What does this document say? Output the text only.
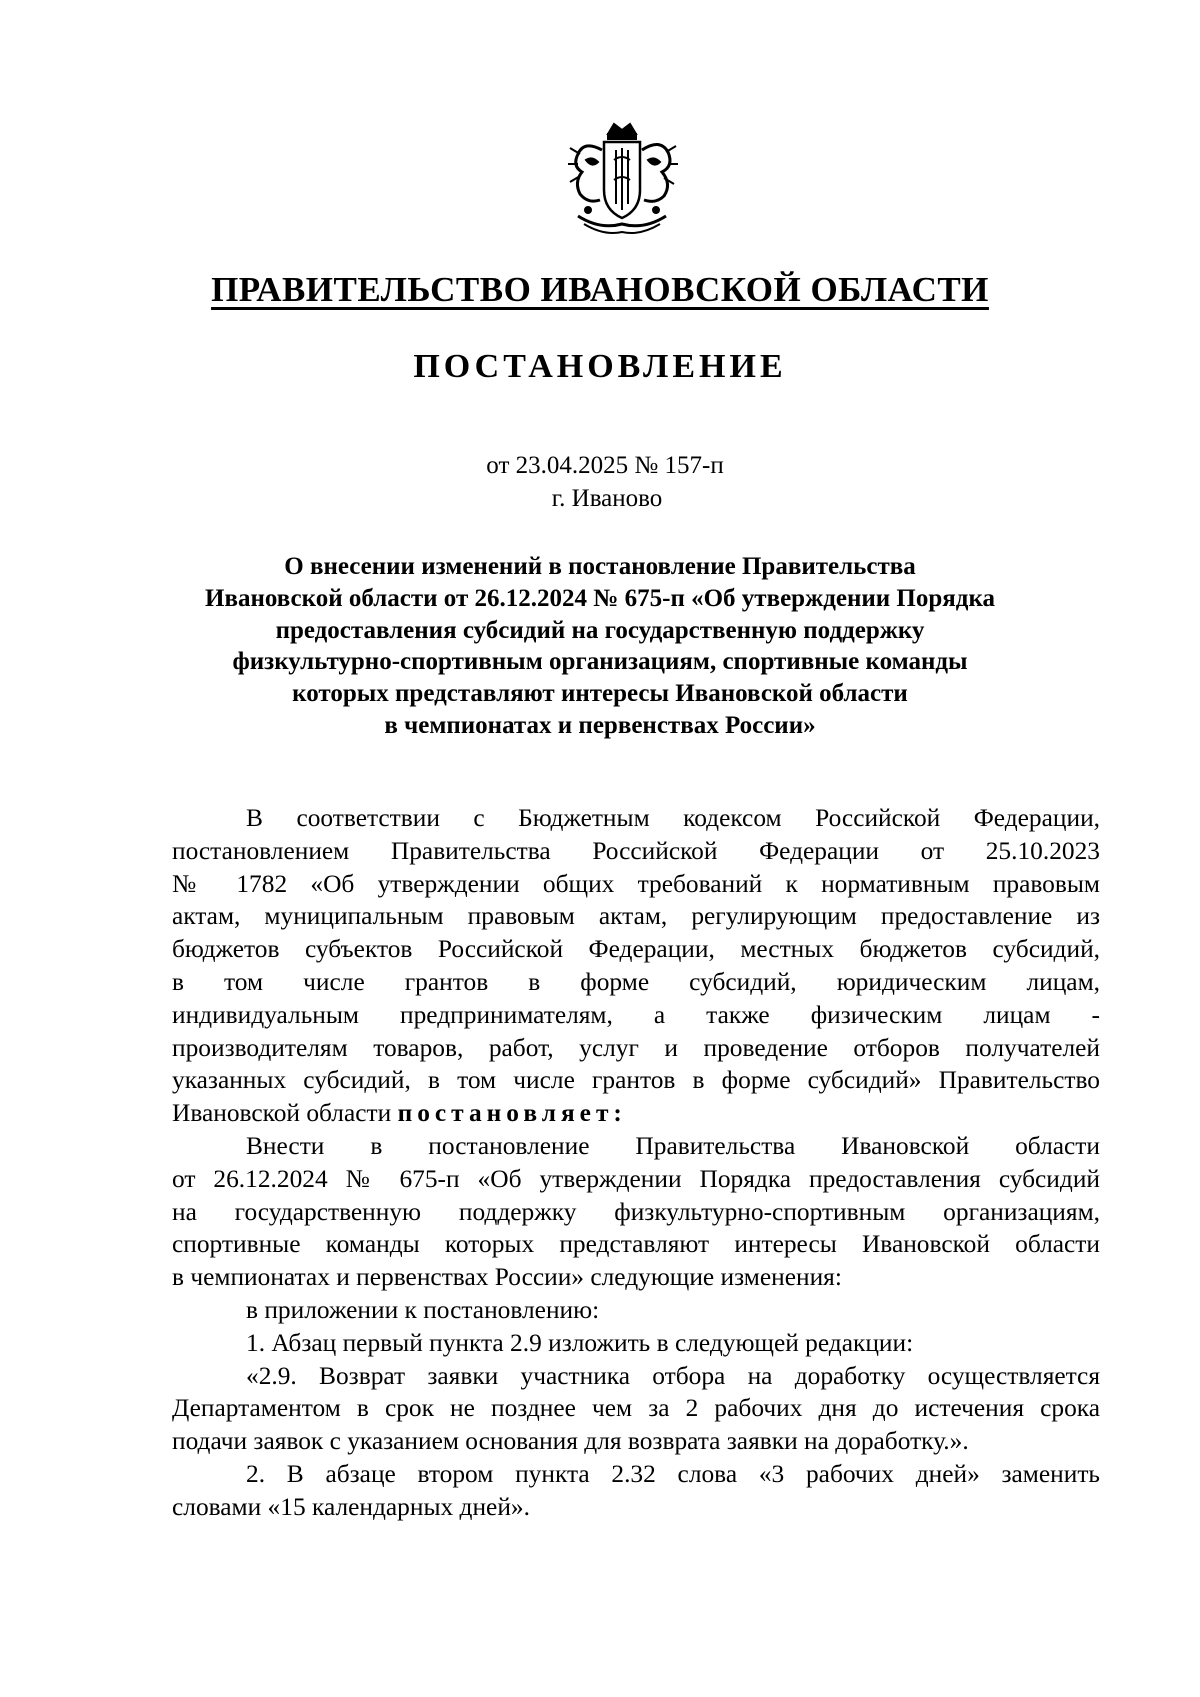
ПРАВИТЕЛЬСТВО ИВАНОВСКОЙ ОБЛАСТИ
ПОСТАНОВЛЕНИЕ
от 23.04.2025 № 157-п
г. Иваново
О внесении изменений в постановление Правительства
Ивановской области от 26.12.2024 № 675-п «Об утверждении Порядка
предоставления субсидий на государственную поддержку
физкультурно-спортивным организациям, спортивные команды
которых представляют интересы Ивановской области
в чемпионатах и первенствах России»

В соответствии с Бюджетным кодексом Российской Федерации,

постановлением Правительства Российской Федерации от 25.10.2023

№ 1782 «Об утверждении общих требований к нормативным правовым

актам, муниципальным правовым актам, регулирующим предоставление из

бюджетов субъектов Российской Федерации, местных бюджетов субсидий,

в том числе грантов в форме субсидий, юридическим лицам,

индивидуальным предпринимателям, а также физическим лицам -

производителям товаров, работ, услуг и проведение отборов получателей

указанных субсидий, в том числе грантов в форме субсидий» Правительство

Ивановской области постановляет:

Внести в постановление Правительства Ивановской области

от 26.12.2024 № 675-п «Об утверждении Порядка предоставления субсидий

на государственную поддержку физкультурно-спортивным организациям,

спортивные команды которых представляют интересы Ивановской области

в чемпионатах и первенствах России» следующие изменения:

в приложении к постановлению:

1. Абзац первый пункта 2.9 изложить в следующей редакции:

«2.9. Возврат заявки участника отбора на доработку осуществляется

Департаментом в срок не позднее чем за 2 рабочих дня до истечения срока

подачи заявок с указанием основания для возврата заявки на доработку.».

2. В абзаце втором пункта 2.32 слова «3 рабочих дней» заменить

словами «15 календарных дней».
